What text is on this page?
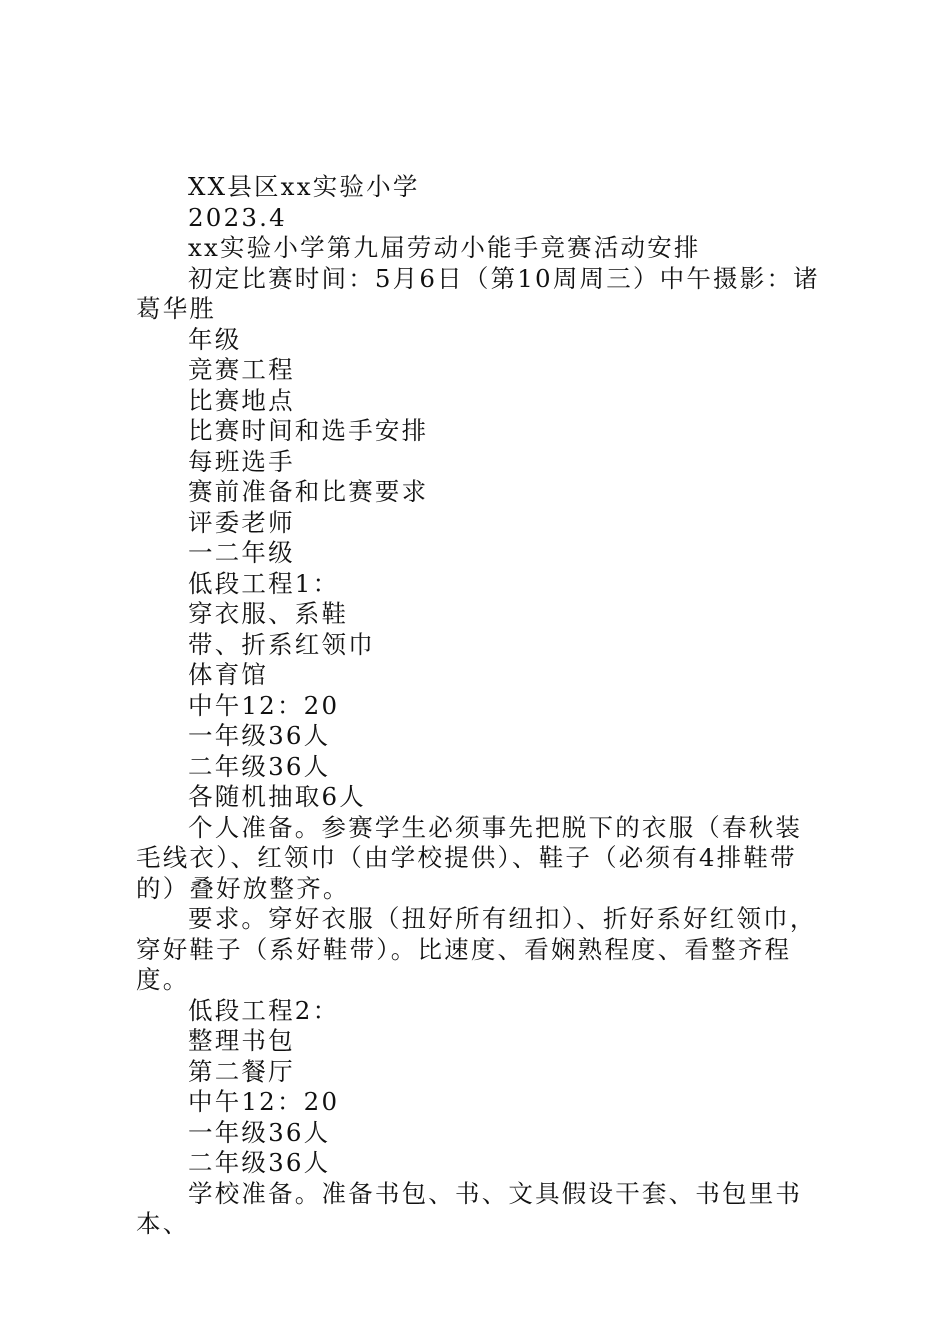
XX县区xx实验小学

2023.4

xx实验小学第九届劳动小能手竞赛活动安排

初定比赛时间：5月6日（第10周周三）中午摄影：诸葛华胜

年级

竞赛工程

比赛地点

比赛时间和选手安排

每班选手

赛前准备和比赛要求

评委老师

一二年级

低段工程1：

穿衣服、系鞋

带、折系红领巾

体育馆

中午12：20

一年级36人

二年级36人

各随机抽取6人

个人准备。参赛学生必须事先把脱下的衣服（春秋装毛线衣）、红领巾（由学校提供）、鞋子（必须有4排鞋带的）叠好放整齐。

要求。穿好衣服（扭好所有纽扣）、折好系好红领巾，穿好鞋子（系好鞋带）。比速度、看娴熟程度、看整齐程度。

低段工程2：

整理书包

第二餐厅

中午12：20

一年级36人

二年级36人

学校准备。准备书包、书、文具假设干套、书包里书本、
